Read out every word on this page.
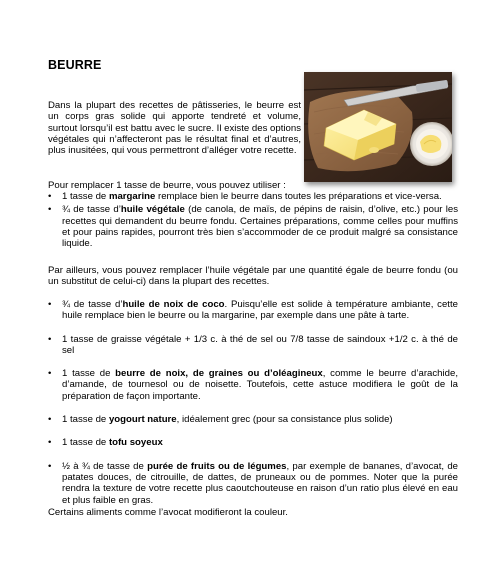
BEURRE
Dans la plupart des recettes de pâtisseries, le beurre est un corps gras solide qui apporte tendreté et volume, surtout lorsqu’il est battu avec le sucre. Il existe des options végétales qui n’affecteront pas le résultat final et d’autres, plus inusitées, qui vous permettront d’alléger votre recette.
Pour remplacer 1 tasse de beurre, vous pouvez utiliser :
•	1 tasse de margarine remplace bien le beurre dans toutes les préparations et vice-versa.
•	¾ de tasse d’huile végétale (de canola, de maïs, de pépins de raisin, d’olive, etc.) pour les recettes qui demandent du beurre fondu. Certaines préparations, comme celles pour muffins et pour pains rapides, pourront très bien s’accommoder de ce produit malgré sa consistance liquide.
Par ailleurs, vous pouvez remplacer l’huile végétale par une quantité égale de beurre fondu (ou un substitut de celui-ci) dans la plupart des recettes.
•	¾ de tasse d’huile de noix de coco. Puisqu’elle est solide à température ambiante, cette huile remplace bien le beurre ou la margarine, par exemple dans une pâte à tarte.
•	1 tasse de graisse végétale + 1/3 c. à thé de sel ou 7/8 tasse de saindoux +1/2 c. à thé de sel
•	1 tasse de beurre de noix, de graines ou d’oléagineux, comme le beurre d’arachide, d’amande, de tournesol ou de noisette. Toutefois, cette astuce modifiera le goût de la préparation de façon importante.
•	1 tasse de yogourt nature, idéalement grec (pour sa consistance plus solide)
•	1 tasse de tofu soyeux
•	½ à ¾ de tasse de purée de fruits ou de légumes, par exemple de bananes, d’avocat, de patates douces, de citrouille, de dattes, de pruneaux ou de pommes. Noter que la purée rendra la texture de votre recette plus caoutchouteuse en raison d’un ratio plus élevé en eau et plus faible en gras.
Certains aliments comme l’avocat modifieront la couleur.
